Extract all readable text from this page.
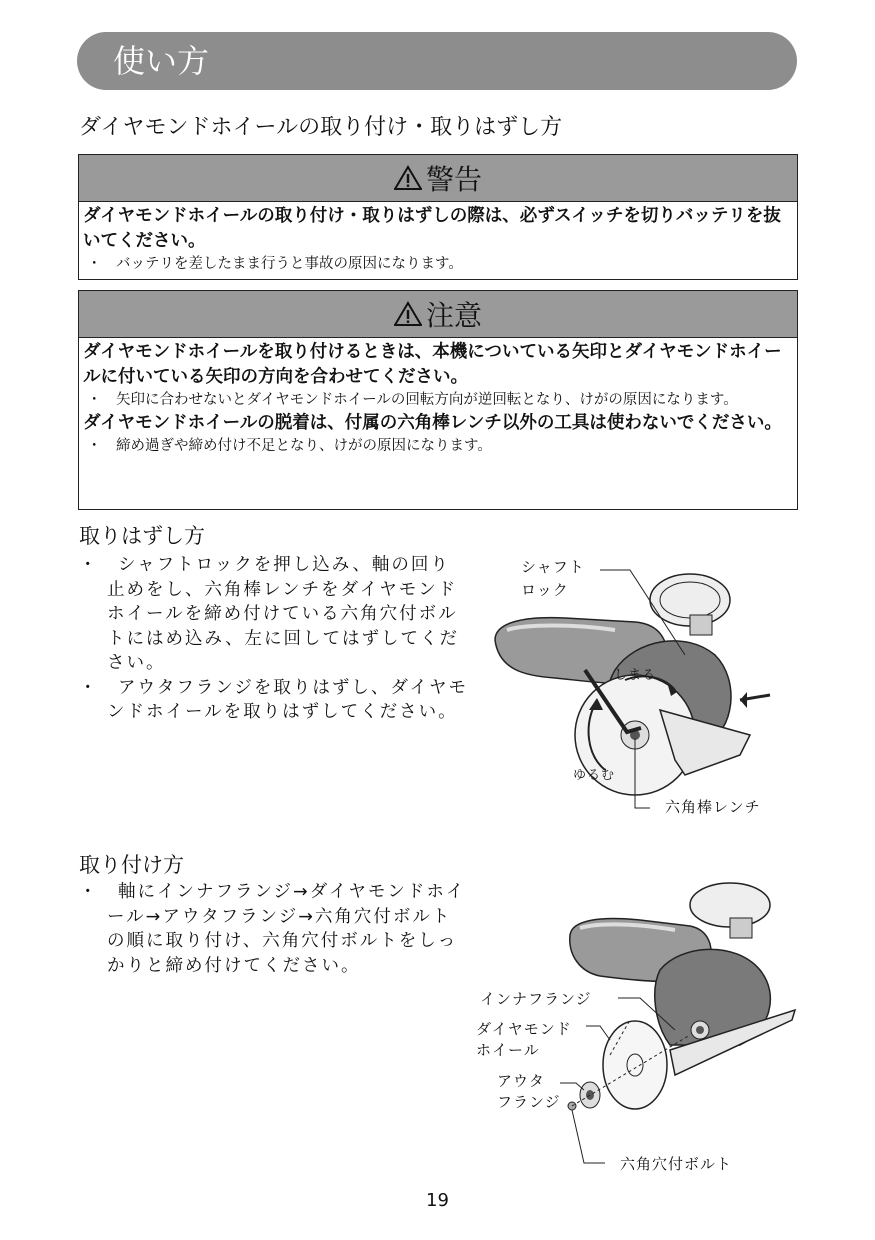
使い方
ダイヤモンドホイールの取り付け・取りはずし方
警告
ダイヤモンドホイールの取り付け・取りはずしの際は、必ずスイッチを切りバッテリを抜いてください。
・　バッテリを差したまま行うと事故の原因になります。
注意
ダイヤモンドホイールを取り付けるときは、本機についている矢印とダイヤモンドホイールに付いている矢印の方向を合わせてください。
・　矢印に合わせないとダイヤモンドホイールの回転方向が逆回転となり、けがの原因になります。
ダイヤモンドホイールの脱着は、付属の六角棒レンチ以外の工具は使わないでください。
・　締め過ぎや締め付け不足となり、けがの原因になります。
取りはずし方
・　シャフトロックを押し込み、軸の回り止めをし、六角棒レンチをダイヤモンドホイールを締め付けている六角穴付ボルトにはめ込み、左に回してはずしてください。
・　アウタフランジを取りはずし、ダイヤモンドホイールを取りはずしてください。
シャフト
ロック
しまる
ゆるむ
六角棒レンチ
取り付け方
・　軸にインナフランジ→ダイヤモンドホイール→アウタフランジ→六角穴付ボルトの順に取り付け、六角穴付ボルトをしっかりと締め付けてください。
インナフランジ
ダイヤモンド
ホイール
アウタ
フランジ
六角穴付ボルト
19
